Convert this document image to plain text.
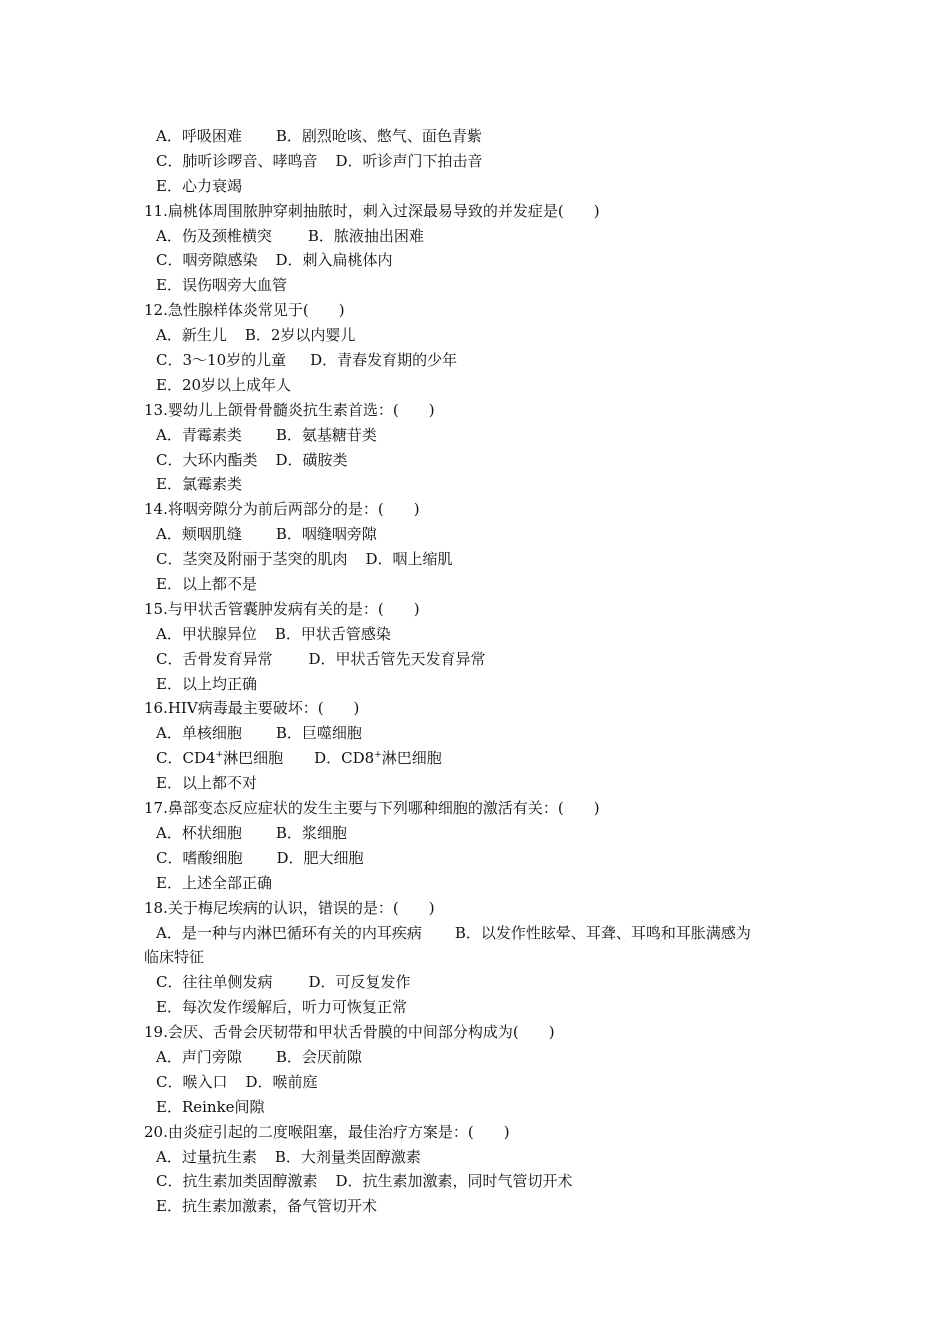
A．呼吸困难 B．剧烈呛咳、憋气、面色青紫
C．肺听诊啰音、哮鸣音 D．听诊声门下拍击音
E．心力衰竭
11.扁桃体周围脓肿穿刺抽脓时，刺入过深最易导致的并发症是(　　)
A．伤及颈椎横突 B．脓液抽出困难
C．咽旁隙感染 D．刺入扁桃体内
E．误伤咽旁大血管
12.急性腺样体炎常见于(　　)
A．新生儿 B．2岁以内婴儿
C．3～10岁的儿童 D．青春发育期的少年
E．20岁以上成年人
13.婴幼儿上颌骨骨髓炎抗生素首选：(　　)
A．青霉素类 B．氨基糖苷类
C．大环内酯类 D．磺胺类
E．氯霉素类
14.将咽旁隙分为前后两部分的是：(　　)
A．颊咽肌缝 B．咽缝咽旁隙
C．茎突及附丽于茎突的肌肉 D．咽上缩肌
E．以上都不是
15.与甲状舌管囊肿发病有关的是：(　　)
A．甲状腺异位 B．甲状舌管感染
C．舌骨发育异常 D．甲状舌管先天发育异常
E．以上均正确
16.HIV病毒最主要破坏：(　　)
A．单核细胞 B．巨噬细胞
C．CD4+淋巴细胞 D．CD8+淋巴细胞
E．以上都不对
17.鼻部变态反应症状的发生主要与下列哪种细胞的激活有关：(　　)
A．杯状细胞 B．浆细胞
C．嗜酸细胞 D．肥大细胞
E．上述全部正确
18.关于梅尼埃病的认识，错误的是：(　　)
A．是一种与内淋巴循环有关的内耳疾病 B．以发作性眩晕、耳聋、耳鸣和耳胀满感为
临床特征
C．往往单侧发病 D．可反复发作
E．每次发作缓解后，听力可恢复正常
19.会厌、舌骨会厌韧带和甲状舌骨膜的中间部分构成为(　　)
A．声门旁隙 B．会厌前隙
C．喉入口 D．喉前庭
E．Reinke间隙
20.由炎症引起的二度喉阻塞，最佳治疗方案是：(　　)
A．过量抗生素 B．大剂量类固醇激素
C．抗生素加类固醇激素 D．抗生素加激素，同时气管切开术
E．抗生素加激素，备气管切开术
